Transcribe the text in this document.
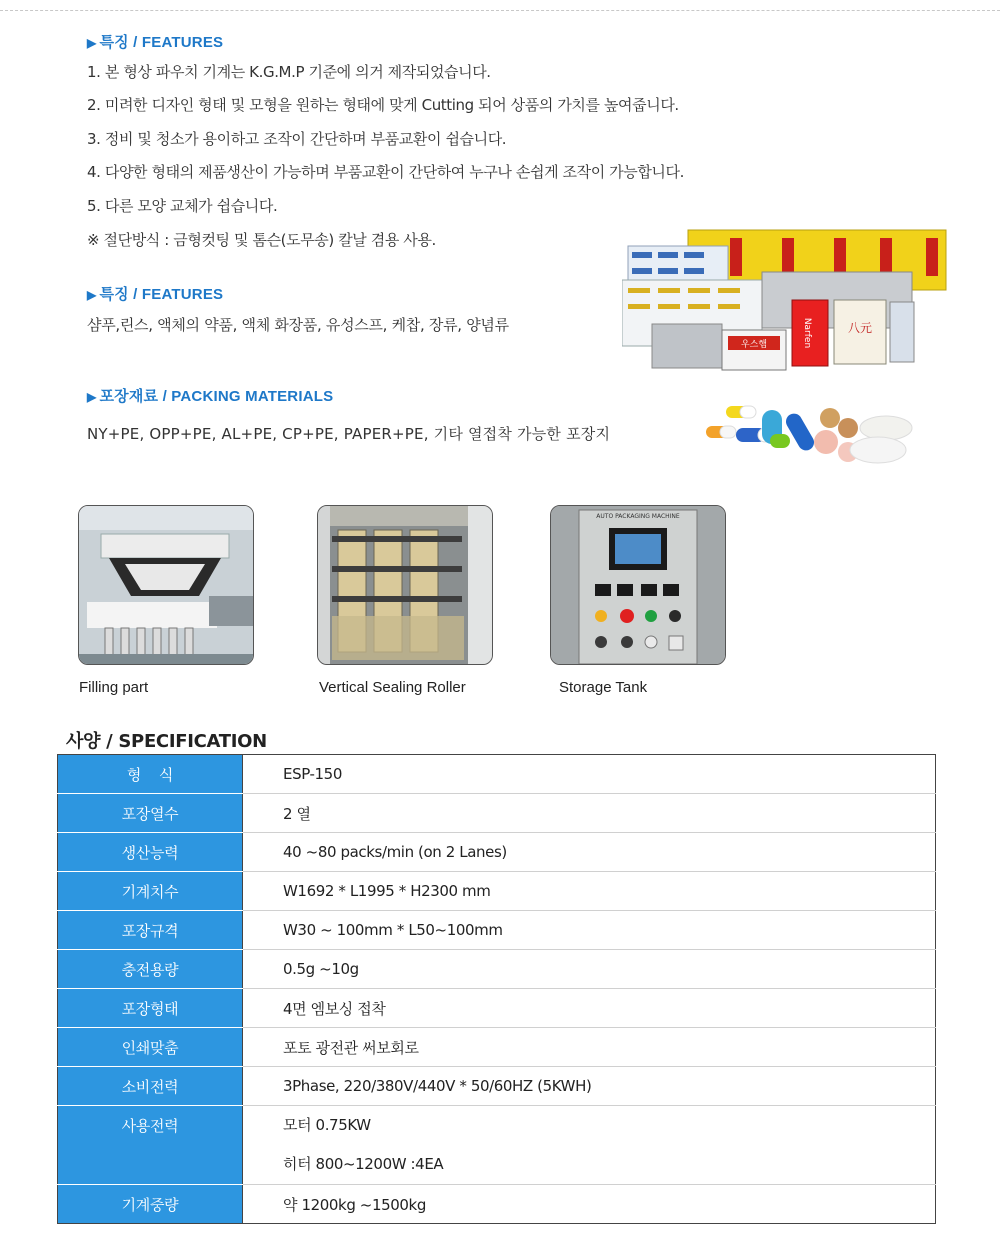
▶ 특징 / FEATURES
1. 본 형상 파우치 기계는 K.G.M.P 기준에 의거 제작되었습니다.
2. 미려한 디자인 형태 및 모형을 원하는 형태에 맞게 Cutting 되어 상품의 가치를 높여줍니다.
3. 정비 및 청소가 용이하고 조작이 간단하며 부품교환이 쉽습니다.
4. 다양한 형태의 제품생산이 가능하며 부품교환이 간단하여 누구나 손쉽게 조작이 가능합니다.
5. 다른 모양 교체가 쉽습니다.
※ 절단방식 : 금형컷팅 및 톰슨(도무송) 칼날 겸용 사용.
▶ 특징 / FEATURES
샴푸,린스, 액체의 약품, 액체 화장품, 유성스프, 케찹, 장류, 양념류
▶ 포장재료 / PACKING MATERIALS
NY+PE, OPP+PE, AL+PE, CP+PE, PAPER+PE, 기타 열접착 가능한 포장지
우스햄	Narfen	八元
AUTO PACKAGING MACHINE
Filling part	Vertical Sealing Roller	Storage Tank
사양 / SPECIFICATION
형    식	ESP-150
포장열수	2 열
생산능력	40 ~80 packs/min (on 2 Lanes)
기계치수	W1692 * L1995 * H2300 mm
포장규격	W30 ~ 100mm * L50~100mm
충전용량	0.5g ~10g
포장형태	4면 엠보싱 접착
인쇄맞춤	포토 광전관 써보회로
소비전력	3Phase, 220/380V/440V * 50/60HZ (5KWH)
사용전력	모터 0.75KW
히터 800~1200W :4EA

기계중량	약 1200kg ~1500kg
